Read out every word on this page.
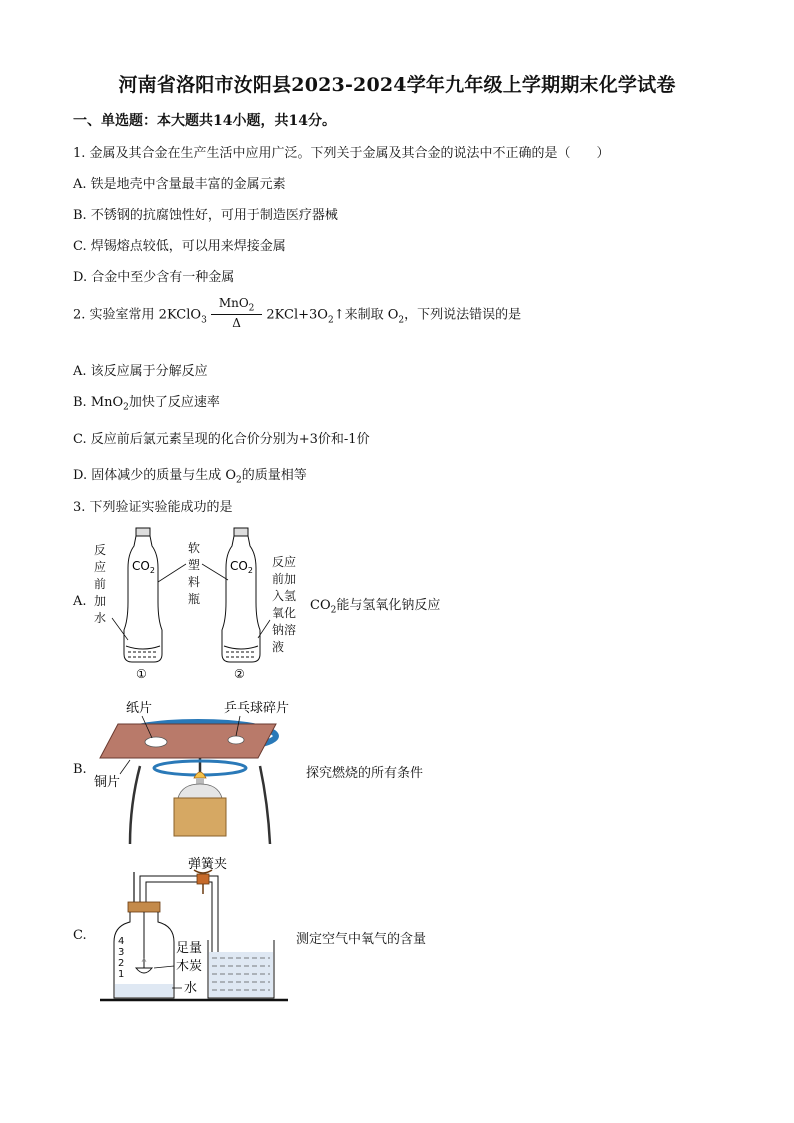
河南省洛阳市汝阳县2023-2024学年九年级上学期期末化学试卷
一、单选题：本大题共14小题，共14分。
1. 金属及其合金在生产生活中应用广泛。下列关于金属及其合金的说法中不正确的是（　　）
A. 铁是地壳中含量最丰富的金属元素
B. 不锈钢的抗腐蚀性好，可用于制造医疗器械
C. 焊锡熔点较低，可以用来焊接金属
D. 合金中至少含有一种金属
2. 实验室常用 2KClO$_3$ $\frac{MnO_2}{\Delta}$ $2KCl+3O_2↑$来制取 $O_2$，下列说法错误的是
A. 该反应属于分解反应
B. MnO$_2$加快了反应速率
C. 反应前后氯元素呈现的化合价分别为+3价和-1价
D. 固体减少的质量与生成 $O_2$的质量相等
3. 下列验证实验能成功的是
A.
反
应
前
加
水
$CO_2$
①
软
塑
料
瓶
$CO_2$
②
反应
前加
入氢
氧化
钠溶
液
$CO_2$能与氢氧化钠反应
B.
纸片	乒乓球碎片
铜片
探究燃烧的所有条件
C.
弹簧夹
4
3
2
1
足量
木炭
水
测定空气中氧气的含量
